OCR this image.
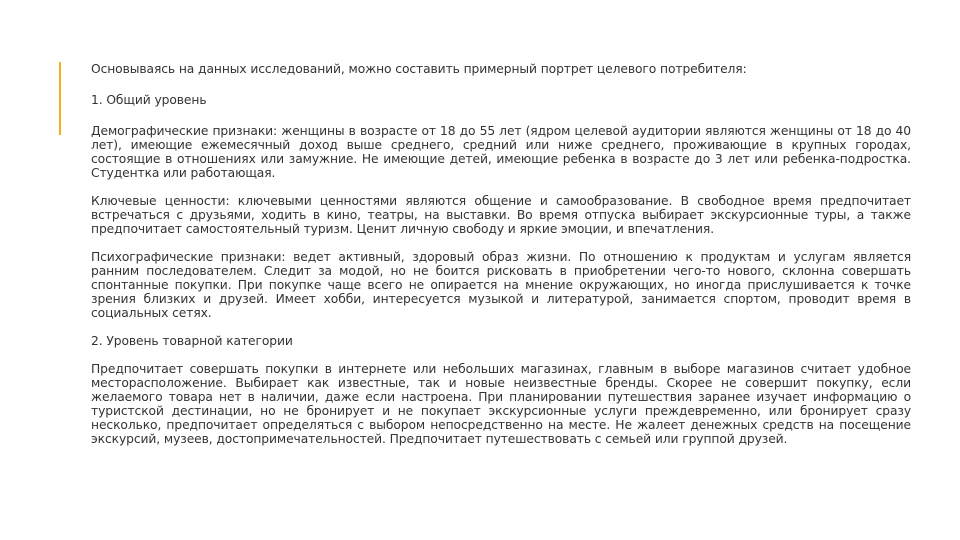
Основываясь на данных исследований, можно составить примерный портрет целевого потребителя:

1. Общий уровень

Демографические признаки: женщины в возрасте от 18 до 55 лет (ядром целевой аудитории являются женщины от 18 до 40 лет), имеющие ежемесячный доход выше среднего, средний или ниже среднего, проживающие в крупных городах, состоящие в отношениях или замужние. Не имеющие детей, имеющие ребенка в возрасте до 3 лет или ребенка-подростка. Студентка или работающая.

Ключевые ценности: ключевыми ценностями являются общение и самообразование. В свободное время предпочитает встречаться с друзьями, ходить в кино, театры, на выставки. Во время отпуска выбирает экскурсионные туры, а также предпочитает самостоятельный туризм. Ценит личную свободу и яркие эмоции, и впечатления.

Психографические признаки: ведет активный, здоровый образ жизни. По отношению к продуктам и услугам является ранним последователем. Следит за модой, но не боится рисковать в приобретении чего-то нового, склонна совершать спонтанные покупки. При покупке чаще всего не опирается на мнение окружающих, но иногда прислушивается к точке зрения близких и друзей. Имеет хобби, интересуется музыкой и литературой, занимается спортом, проводит время в социальных сетях.

2. Уровень товарной категории

Предпочитает совершать покупки в интернете или небольших магазинах, главным в выборе магазинов считает удобное месторасположение. Выбирает как известные, так и новые неизвестные бренды. Скорее не совершит покупку, если желаемого товара нет в наличии, даже если настроена. При планировании путешествия заранее изучает информацию о туристской дестинации, но не бронирует и не покупает экскурсионные услуги преждевременно, или бронирует сразу несколько, предпочитает определяться с выбором непосредственно на месте. Не жалеет денежных средств на посещение экскурсий, музеев, достопримечательностей. Предпочитает путешествовать с семьей или группой друзей.
